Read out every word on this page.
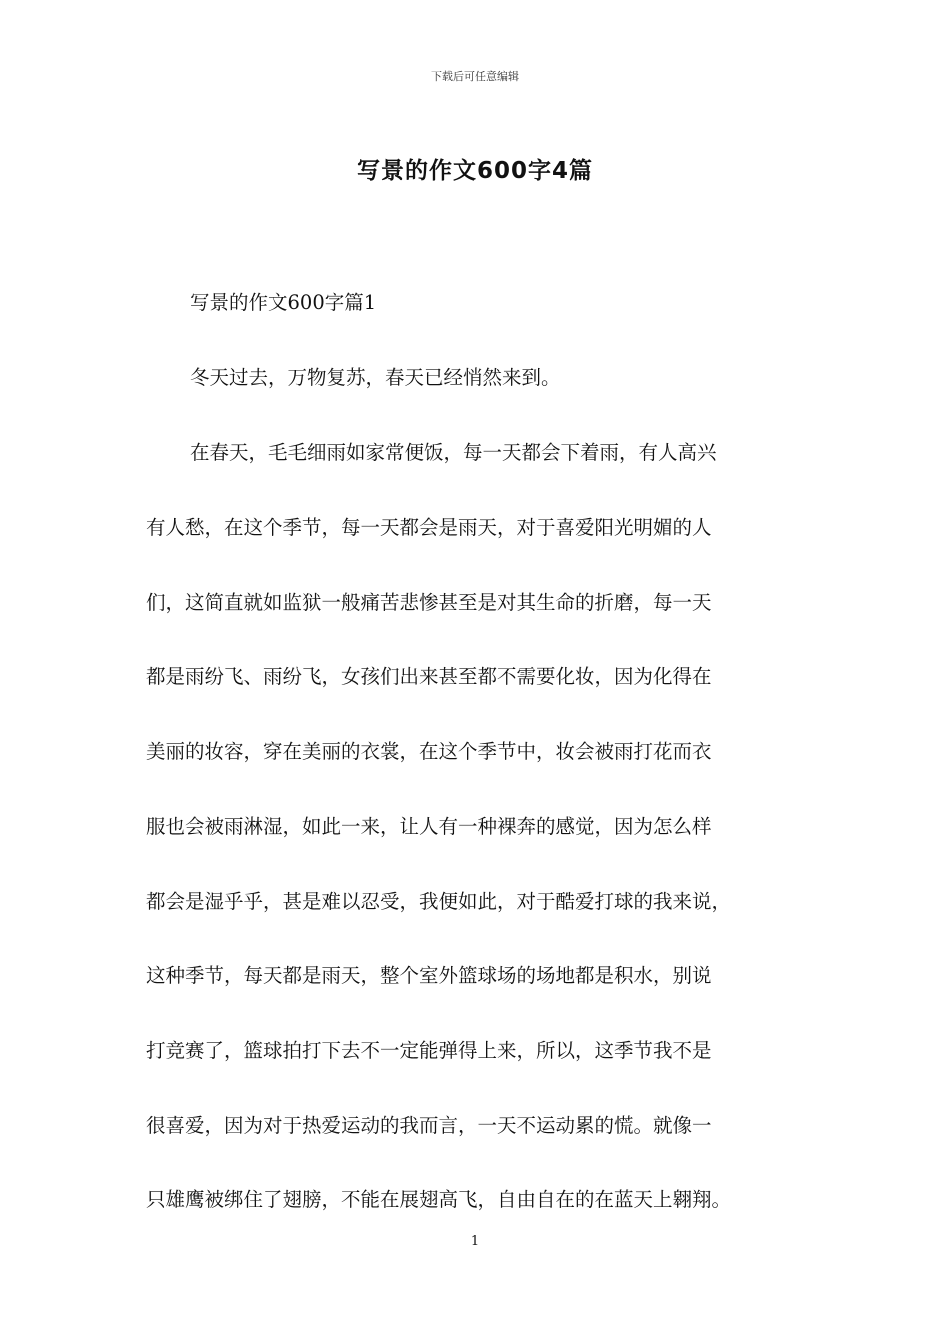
下载后可任意编辑
写景的作文600字4篇
写景的作文600字篇1
冬天过去，万物复苏，春天已经悄然来到。
在春天，毛毛细雨如家常便饭，每一天都会下着雨，有人高兴
有人愁，在这个季节，每一天都会是雨天，对于喜爱阳光明媚的人
们，这简直就如监狱一般痛苦悲惨甚至是对其生命的折磨，每一天
都是雨纷飞、雨纷飞，女孩们出来甚至都不需要化妆，因为化得在
美丽的妆容，穿在美丽的衣裳，在这个季节中，妆会被雨打花而衣
服也会被雨淋湿，如此一来，让人有一种裸奔的感觉，因为怎么样
都会是湿乎乎，甚是难以忍受，我便如此，对于酷爱打球的我来说，
这种季节，每天都是雨天，整个室外篮球场的场地都是积水，别说
打竞赛了，篮球拍打下去不一定能弹得上来，所以，这季节我不是
很喜爱，因为对于热爱运动的我而言，一天不运动累的慌。就像一
只雄鹰被绑住了翅膀，不能在展翅高飞，自由自在的在蓝天上翱翔。
1
